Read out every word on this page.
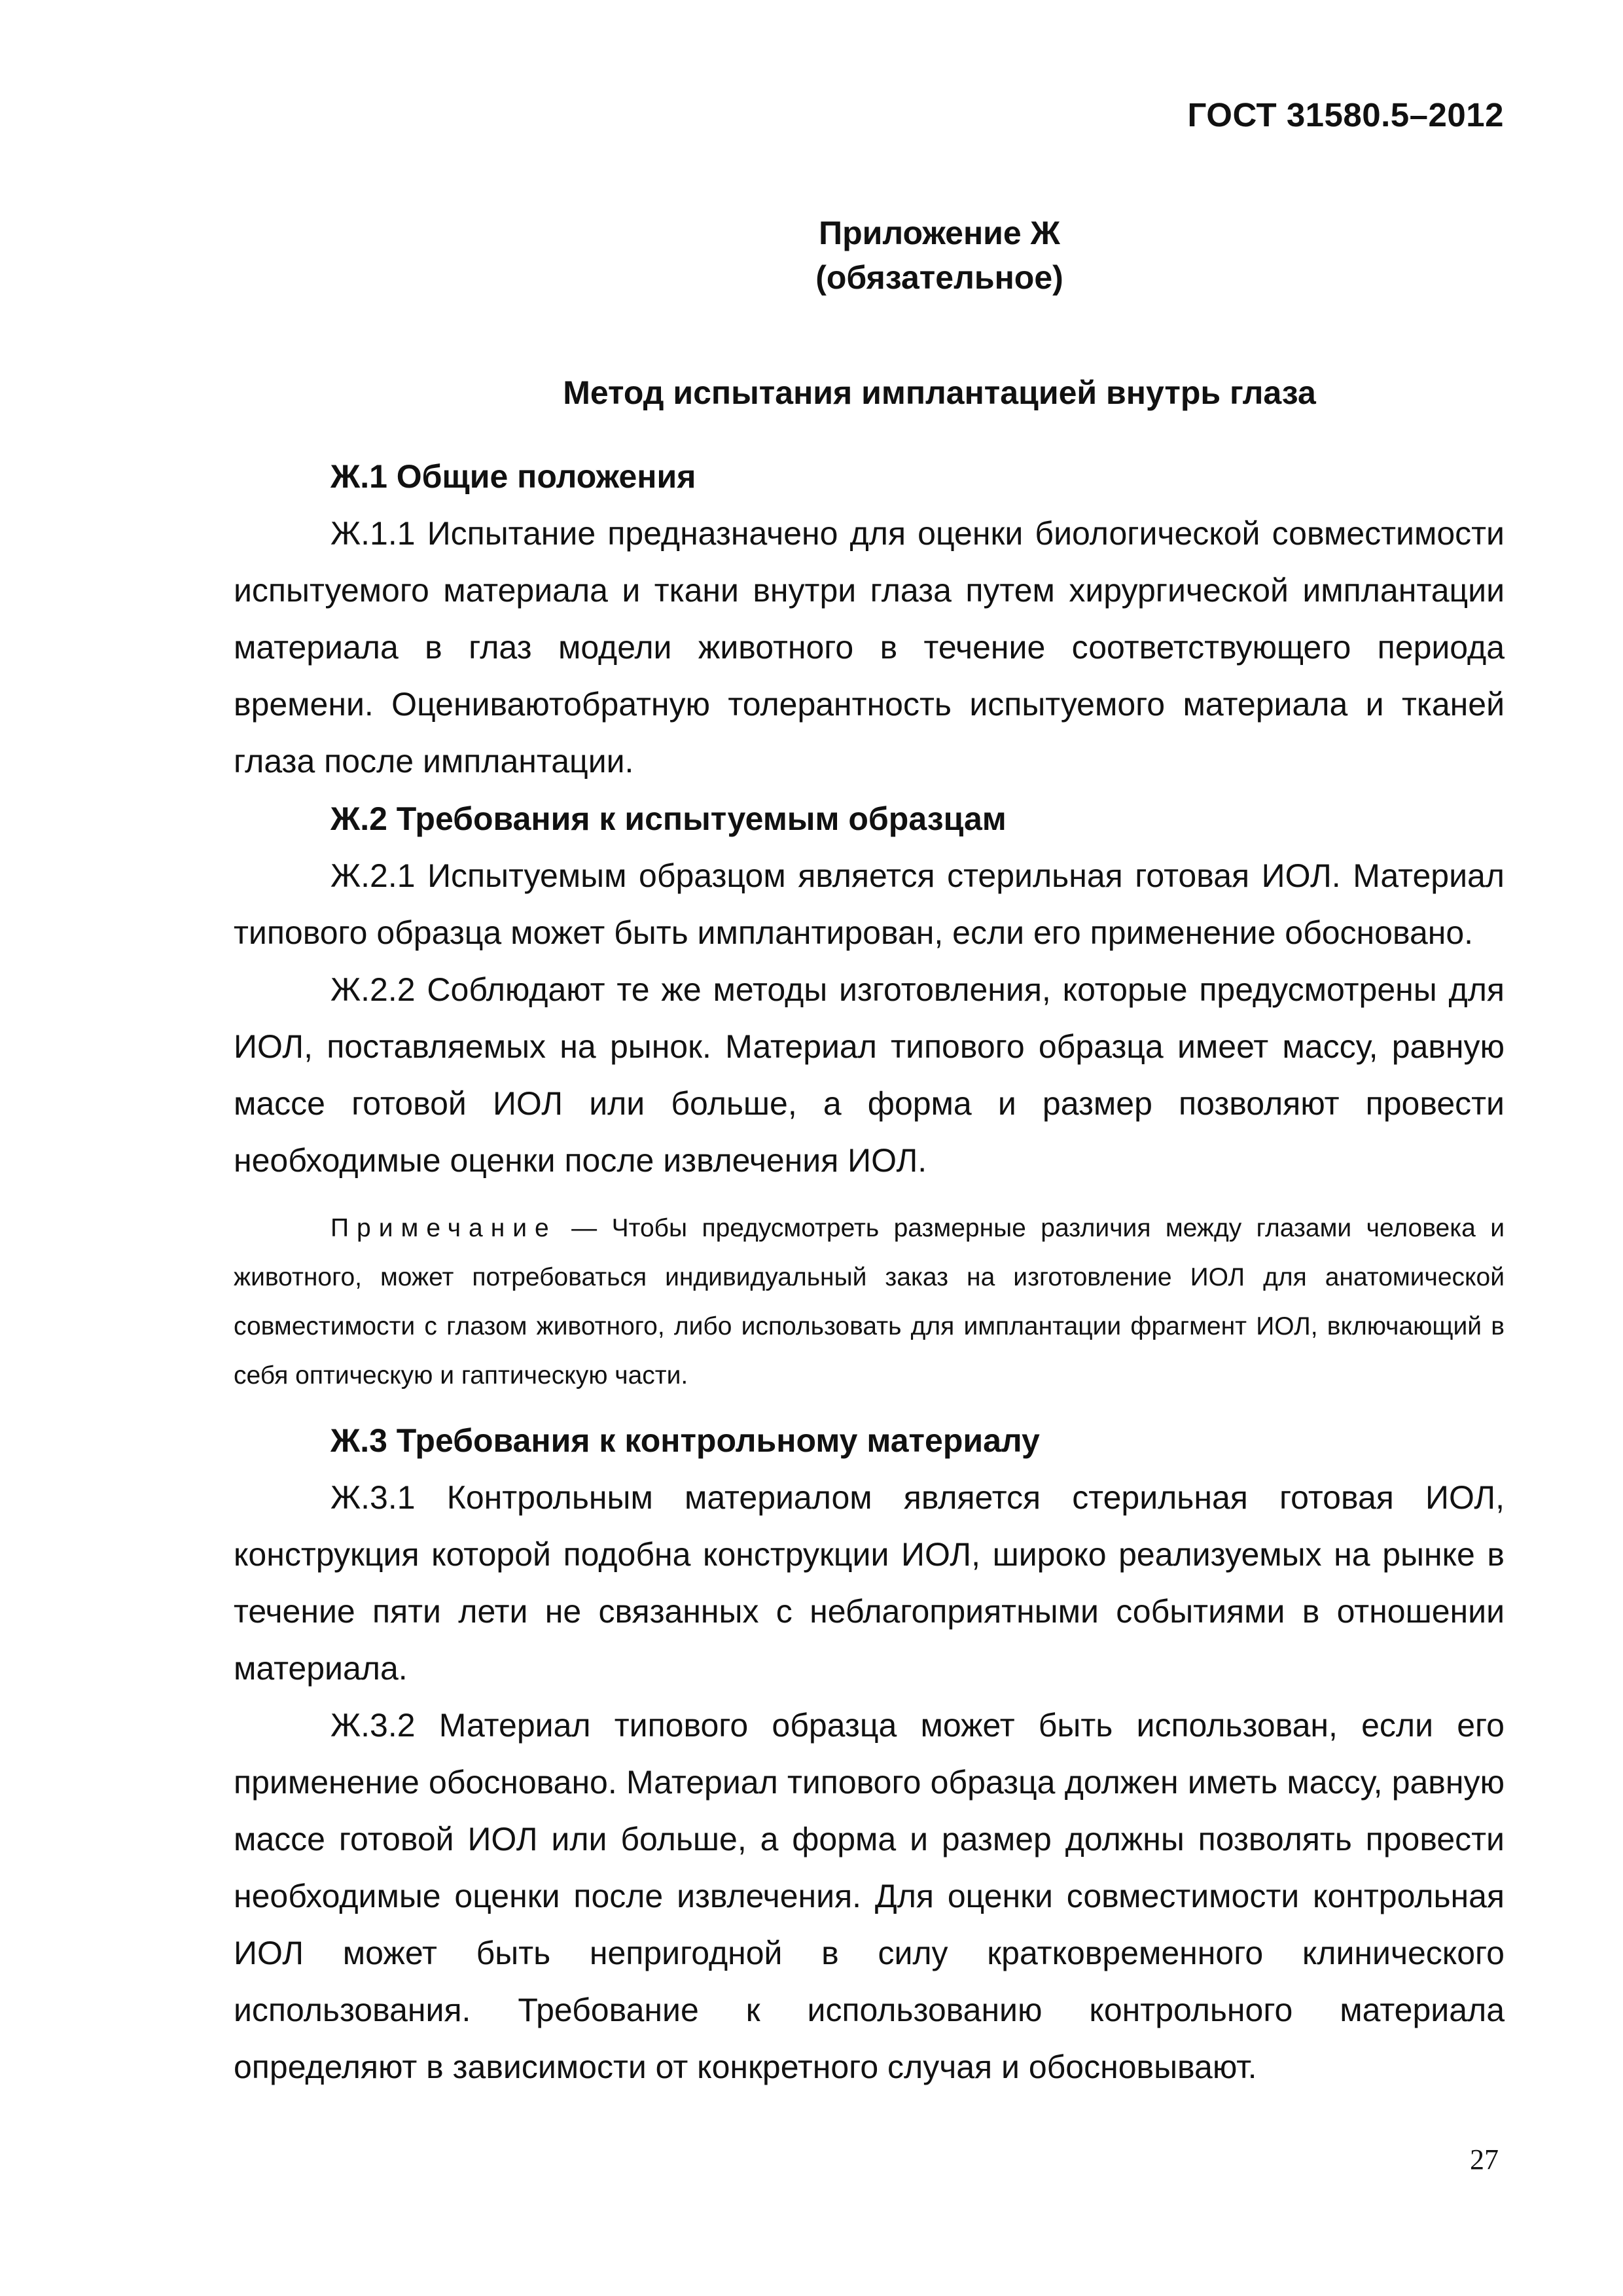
ГОСТ 31580.5–2012

Приложение Ж

(обязательное)

Метод испытания имплантацией внутрь глаза

Ж.1 Общие положения

Ж.1.1 Испытание предназначено для оценки биологической совместимости испытуемого материала и ткани внутри глаза путем хирургической имплантации материала в глаз модели животного в течение соответствующего периода времени. Оцениваютобратную толерантность испытуемого материала и тканей глаза после имплантации.

Ж.2 Требования к испытуемым образцам

Ж.2.1 Испытуемым образцом является стерильная готовая ИОЛ. Материал типового образца может быть имплантирован, если его применение обосновано.

Ж.2.2 Соблюдают те же методы изготовления, которые предусмотрены для ИОЛ, поставляемых на рынок. Материал типового образца имеет массу, равную массе готовой ИОЛ или больше, а форма и размер позволяют провести необходимые оценки после извлечения ИОЛ.

Примечание — Чтобы предусмотреть размерные различия между глазами человека и животного, может потребоваться индивидуальный заказ на изготовление ИОЛ для анатомической совместимости с глазом животного, либо использовать для имплантации фрагмент ИОЛ, включающий в себя оптическую и гаптическую части.

Ж.3 Требования к контрольному материалу

Ж.3.1 Контрольным материалом является стерильная готовая ИОЛ, конструкция которой подобна конструкции ИОЛ, широко реализуемых на рынке в течение пяти лети не связанных с неблагоприятными событиями в отношении материала.

Ж.3.2 Материал типового образца может быть использован, если его применение обосновано. Материал типового образца должен иметь массу, равную массе готовой ИОЛ или больше, а форма и размер должны позволять провести необходимые оценки после извлечения. Для оценки совместимости контрольная ИОЛ может быть непригодной в силу кратковременного клинического использования. Требование к использованию контрольного материала определяют в зависимости от конкретного случая и обосновывают.

27
